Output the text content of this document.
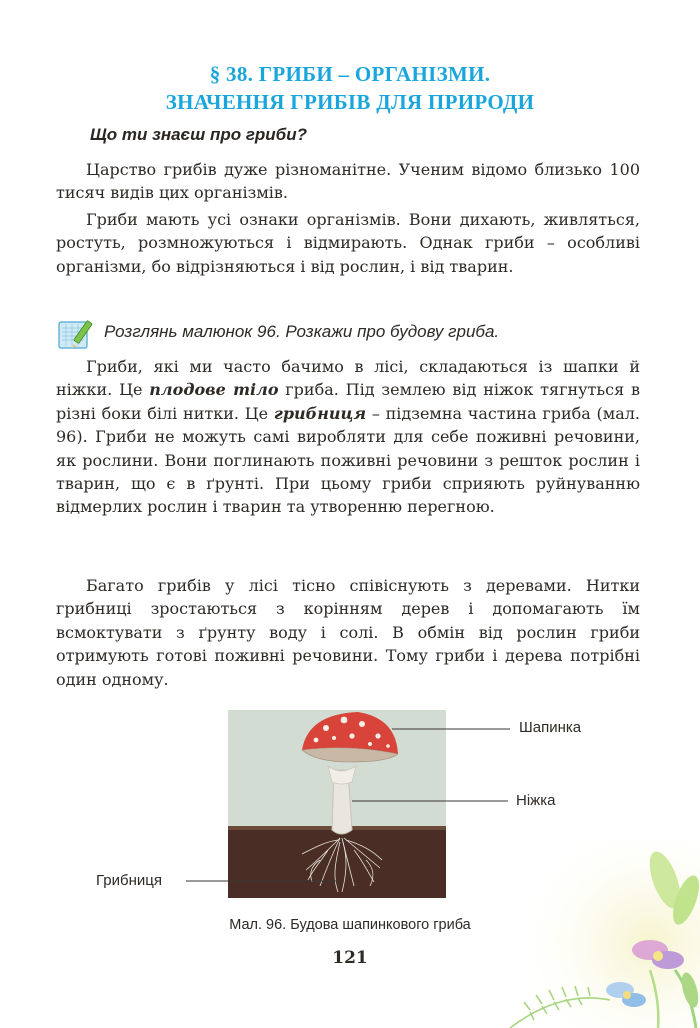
§ 38. ГРИБИ – ОРГАНІЗМИ.
ЗНАЧЕННЯ ГРИБІВ ДЛЯ ПРИРОДИ
Що ти знаєш про гриби?

Царство грибів дуже різноманітне. Ученим відомо близько 100 тисяч видів цих організмів.

Гриби мають усі ознаки організмів. Вони дихають, живляться, ростуть, розмножуються і відмирають. Однак гриби – особливі організми, бо відрізняються і від рослин, і від тварин.

Розглянь малюнок 96. Розкажи про будову гриба.

Гриби, які ми часто бачимо в лісі, складаються із шапки й ніжки. Це плодове тіло гриба. Під землею від ніжок тягнуться в різні боки білі нитки. Це грибниця – підземна частина гриба (мал. 96). Гриби не можуть самі виробляти для себе поживні речовини, як рослини. Вони поглинають поживні речовини з решток рослин і тварин, що є в ґрунті. При цьому гриби сприяють руйнуванню відмерлих рослин і тварин та утворенню перегною.

Багато грибів у лісі тісно співіснують з деревами. Нитки грибниці зростаються з корінням дерев і допомагають їм всмоктувати з ґрунту воду і солі. В обмін від рослин гриби отримують готові поживні речовини. Тому гриби і дерева потрібні один одному.

Шапинка
Ніжка
Грибниця
Мал. 96. Будова шапинкового гриба
121
